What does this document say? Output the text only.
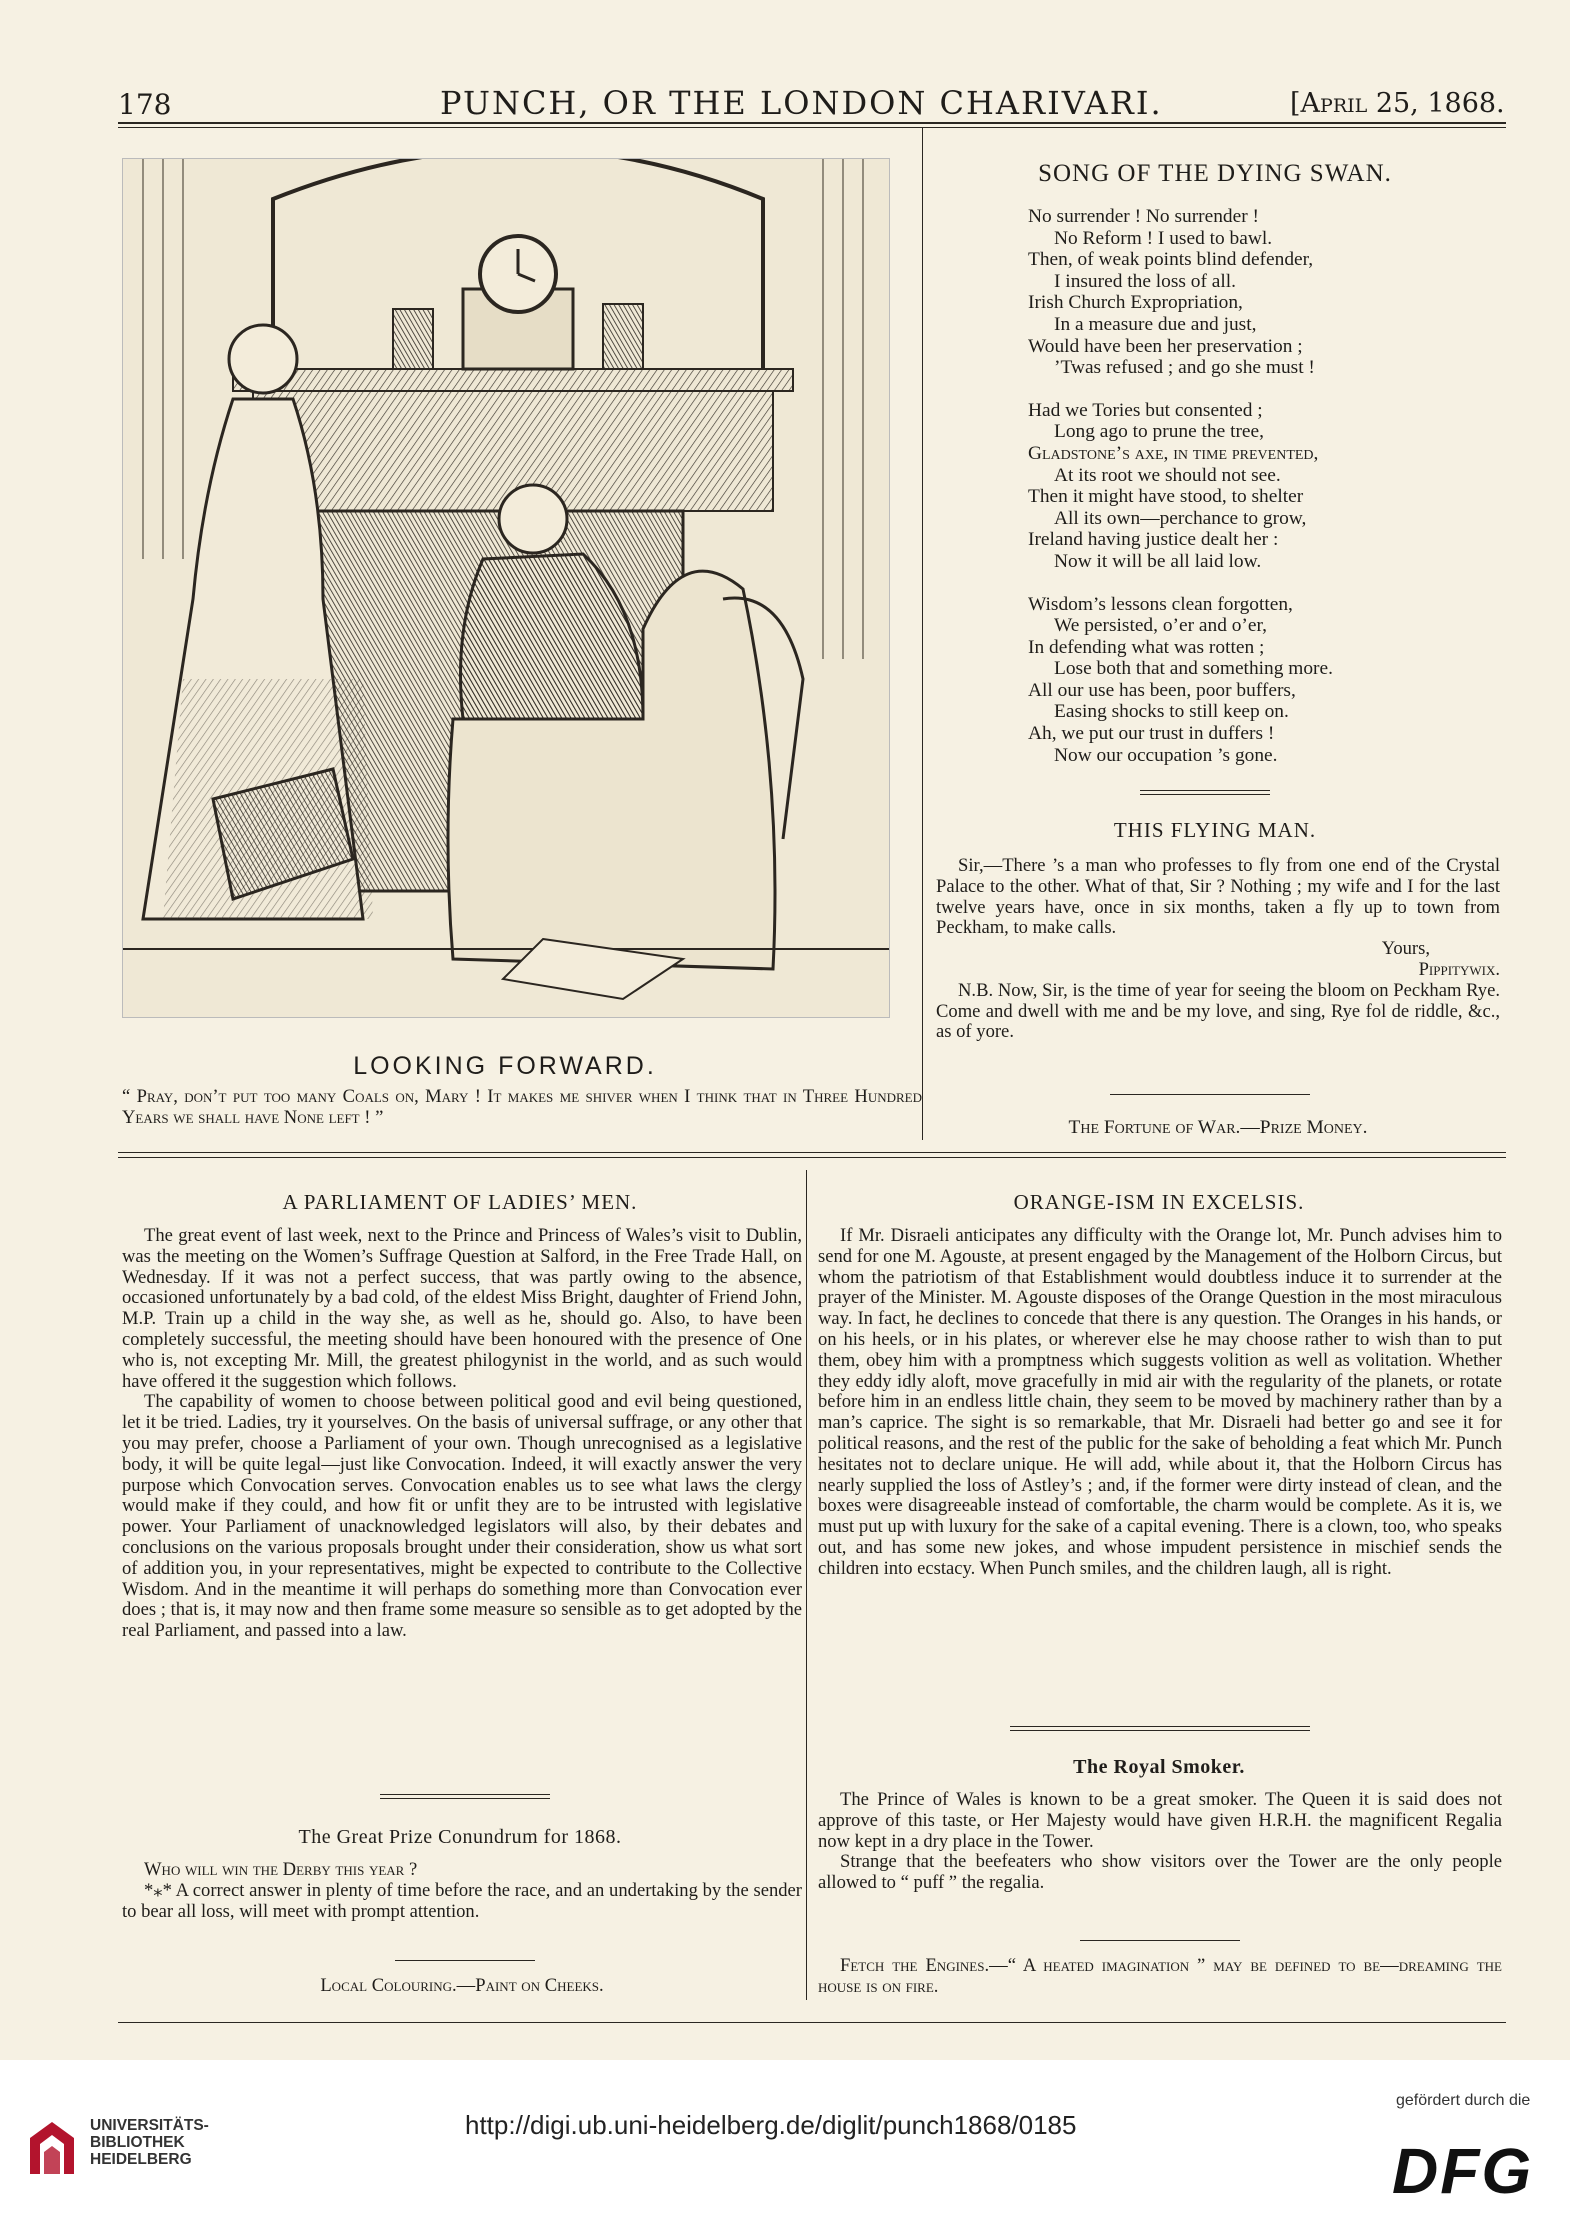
178	PUNCH, OR THE LONDON CHARIVARI.	[April 25, 1868.
LOOKING FORWARD.
“ Pray, don’t put too many Coals on, Mary ! It makes me shiver when I think that in Three Hundred Years we shall have None left ! ”

SONG OF THE DYING SWAN.

No surrender ! No surrender !
No Reform ! I used to bawl.
Then, of weak points blind defender,
I insured the loss of all.
Irish Church Expropriation,
In a measure due and just,
Would have been her preservation ;
’Twas refused ; and go she must !
Had we Tories but consented ;
Long ago to prune the tree,
Gladstone’s axe, in time prevented,
At its root we should not see.
Then it might have stood, to shelter
All its own—perchance to grow,
Ireland having justice dealt her :
Now it will be all laid low.
Wisdom’s lessons clean forgotten,
We persisted, o’er and o’er,
In defending what was rotten ;
Lose both that and something more.
All our use has been, poor buffers,
Easing shocks to still keep on.
Ah, we put our trust in duffers !
Now our occupation ’s gone.

THIS FLYING MAN.

Sir,—There ’s a man who professes to fly from one end of the Crystal Palace to the other. What of that, Sir ? Nothing ; my wife and I for the last twelve years have, once in six months, taken a fly up to town from Peckham, to make calls.

Yours,

Pippitywix.

N.B. Now, Sir, is the time of year for seeing the bloom on Peckham Rye. Come and dwell with me and be my love, and sing, Rye fol de riddle, &c., as of yore.

The Fortune of War.—Prize Money.

A PARLIAMENT OF LADIES’ MEN.

The great event of last week, next to the Prince and Princess of Wales’s visit to Dublin, was the meeting on the Women’s Suffrage Question at Salford, in the Free Trade Hall, on Wednesday. If it was not a perfect success, that was partly owing to the absence, occasioned unfortunately by a bad cold, of the eldest Miss Bright, daughter of Friend John, M.P. Train up a child in the way she, as well as he, should go. Also, to have been completely successful, the meeting should have been honoured with the presence of One who is, not excepting Mr. Mill, the greatest philogynist in the world, and as such would have offered it the suggestion which follows.

The capability of women to choose between political good and evil being questioned, let it be tried. Ladies, try it yourselves. On the basis of universal suffrage, or any other that you may prefer, choose a Parliament of your own. Though unrecognised as a legislative body, it will be quite legal—just like Convocation. Indeed, it will exactly answer the very purpose which Convocation serves. Convocation enables us to see what laws the clergy would make if they could, and how fit or unfit they are to be intrusted with legislative power. Your Parliament of unacknowledged legislators will also, by their debates and conclusions on the various proposals brought under their consideration, show us what sort of addition you, in your representatives, might be expected to contribute to the Collective Wisdom. And in the meantime it will perhaps do something more than Convocation ever does ; that is, it may now and then frame some measure so sensible as to get adopted by the real Parliament, and passed into a law.

The Great Prize Conundrum for 1868.

Who will win the Derby this year ?

*⁎* A correct answer in plenty of time before the race, and an undertaking by the sender to bear all loss, will meet with prompt attention.

Local Colouring.—Paint on Cheeks.

ORANGE-ISM IN EXCELSIS.

If Mr. Disraeli anticipates any difficulty with the Orange lot, Mr. Punch advises him to send for one M. Agouste, at present engaged by the Management of the Holborn Circus, but whom the patriotism of that Establishment would doubtless induce it to surrender at the prayer of the Minister. M. Agouste disposes of the Orange Question in the most miraculous way. In fact, he declines to concede that there is any question. The Oranges in his hands, or on his heels, or in his plates, or wherever else he may choose rather to wish than to put them, obey him with a promptness which suggests volition as well as volitation. Whether they eddy idly aloft, move gracefully in mid air with the regularity of the planets, or rotate before him in an endless little chain, they seem to be moved by machinery rather than by a man’s caprice. The sight is so remarkable, that Mr. Disraeli had better go and see it for political reasons, and the rest of the public for the sake of beholding a feat which Mr. Punch hesitates not to declare unique. He will add, while about it, that the Holborn Circus has nearly supplied the loss of Astley’s ; and, if the former were dirty instead of clean, and the boxes were disagreeable instead of comfortable, the charm would be complete. As it is, we must put up with luxury for the sake of a capital evening. There is a clown, too, who speaks out, and has some new jokes, and whose impudent persistence in mischief sends the children into ecstacy. When Punch smiles, and the children laugh, all is right.

The Royal Smoker.

The Prince of Wales is known to be a great smoker. The Queen it is said does not approve of this taste, or Her Majesty would have given H.R.H. the magnificent Regalia now kept in a dry place in the Tower.

Strange that the beefeaters who show visitors over the Tower are the only people allowed to “ puff ” the regalia.

Fetch the Engines.—“ A heated imagination ” may be defined to be—dreaming the house is on fire.

UNIVERSITÄTS-
BIBLIOTHEK
HEIDELBERG
http://digi.ub.uni-heidelberg.de/diglit/punch1868/0185
gefördert durch die
DFG
